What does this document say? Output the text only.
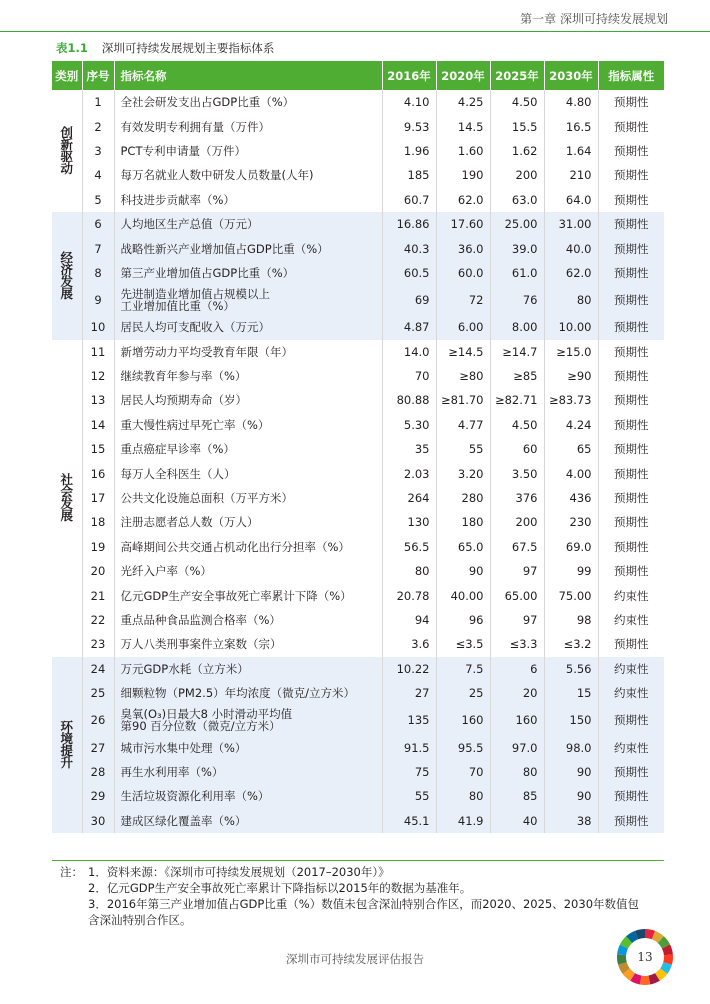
第一章 深圳可持续发展规划
表1.1 深圳可持续发展规划主要指标体系
类别	序号	指标名称	2016年	2020年	2025年	2030年	指标属性
创
新
驱
动	1	全社会研发支出占GDP比重（%）	4.10	4.25	4.50	4.80	预期性
	2	有效发明专利拥有量（万件）	9.53	14.5	15.5	16.5	预期性
	3	PCT专利申请量（万件）	1.96	1.60	1.62	1.64	预期性
	4	每万名就业人数中研发人员数量(人年)	185	190	200	210	预期性
	5	科技进步贡献率（%）	60.7	62.0	63.0	64.0	预期性
经
济
发
展	6	人均地区生产总值（万元）	16.86	17.60	25.00	31.00	预期性
	7	战略性新兴产业增加值占GDP比重（%）	40.3	36.0	39.0	40.0	预期性
	8	第三产业增加值占GDP比重（%）	60.5	60.0	61.0	62.0	预期性
	9	先进制造业增加值占规模以上
工业增加值比重（%）	69	72	76	80	预期性
	10	居民人均可支配收入（万元）	4.87	6.00	8.00	10.00	预期性
社
会
发
展	11	新增劳动力平均受教育年限（年）	14.0	≥14.5	≥14.7	≥15.0	预期性
	12	继续教育年参与率（%）	70	≥80	≥85	≥90	预期性
	13	居民人均预期寿命（岁）	80.88	≥81.70	≥82.71	≥83.73	预期性
	14	重大慢性病过早死亡率（%）	5.30	4.77	4.50	4.24	预期性
	15	重点癌症早诊率（%）	35	55	60	65	预期性
	16	每万人全科医生（人）	2.03	3.20	3.50	4.00	预期性
	17	公共文化设施总面积（万平方米）	264	280	376	436	预期性
	18	注册志愿者总人数（万人）	130	180	200	230	预期性
	19	高峰期间公共交通占机动化出行分担率（%）	56.5	65.0	67.5	69.0	预期性
	20	光纤入户率（%）	80	90	97	99	预期性
	21	亿元GDP生产安全事故死亡率累计下降（%）	20.78	40.00	65.00	75.00	约束性
	22	重点品种食品监测合格率（%）	94	96	97	98	约束性
	23	万人八类刑事案件立案数（宗）	3.6	≤3.5	≤3.3	≤3.2	预期性
环
境
提
升	24	万元GDP水耗（立方米）	10.22	7.5	6	5.56	约束性
	25	细颗粒物（PM2.5）年均浓度（微克/立方米）	27	25	20	15	约束性
	26	臭氧(O₃)日最大8 小时滑动平均值
第90 百分位数（微克/立方米）	135	160	160	150	预期性
	27	城市污水集中处理（%）	91.5	95.5	97.0	98.0	约束性
	28	再生水利用率（%）	75	70	80	90	预期性
	29	生活垃圾资源化利用率（%）	55	80	85	90	预期性
	30	建成区绿化覆盖率（%）	45.1	41.9	40	38	预期性
注： 1．资料来源：《深圳市可持续发展规划（2017–2030年）》
2．亿元GDP生产安全事故死亡率累计下降指标以2015年的数据为基准年。
3．2016年第三产业增加值占GDP比重（%）数值未包含深汕特别合作区，而2020、2025、2030年数值包含深汕特别合作区。
深圳市可持续发展评估报告	13
